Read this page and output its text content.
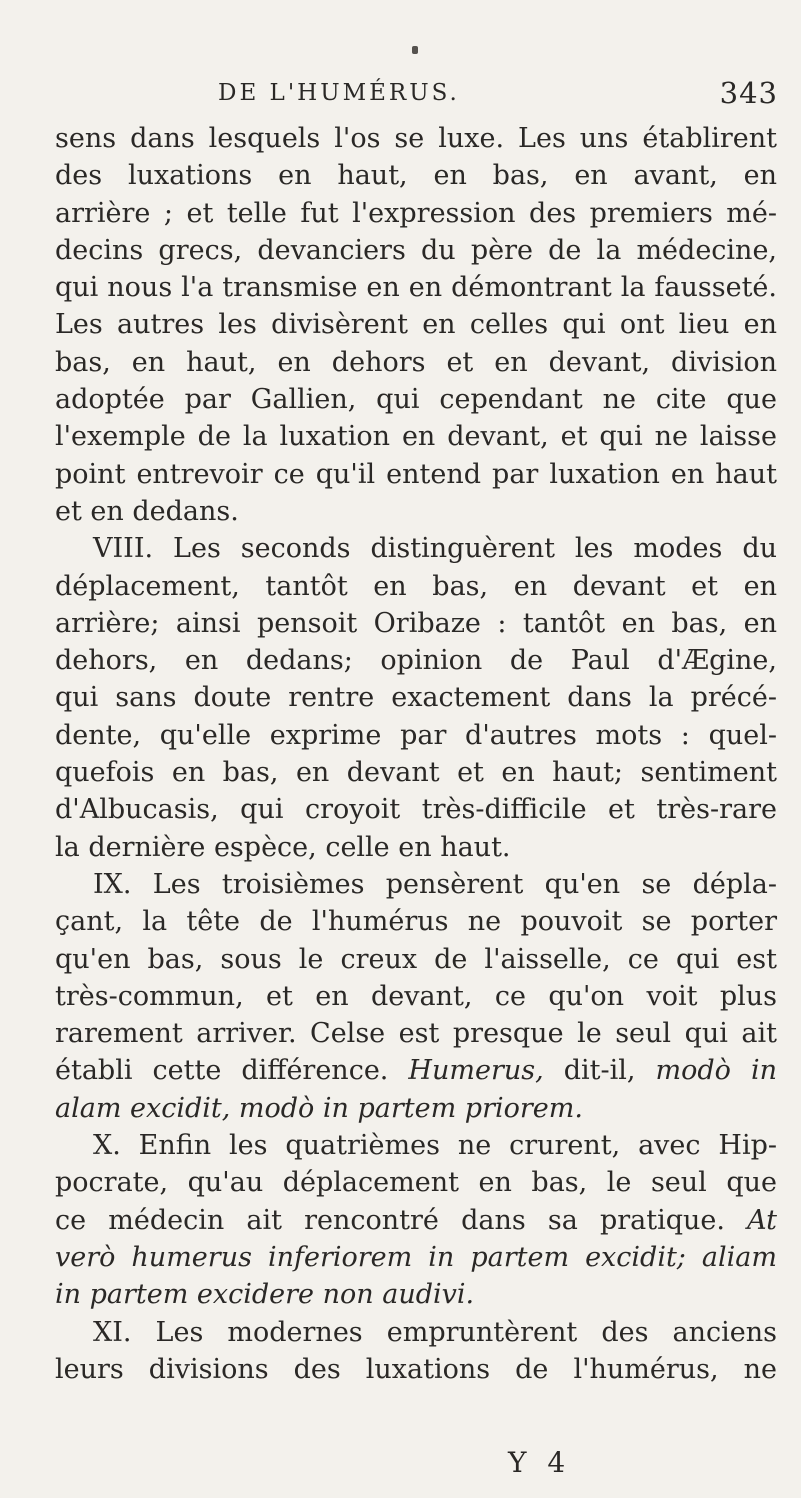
DE L'HUMÉRUS.	343
sens dans lesquels l'os se luxe. Les uns établirent
des luxations en haut, en bas, en avant, en
arrière ; et telle fut l'expression des premiers mé-
decins grecs, devanciers du père de la médecine,
qui nous l'a transmise en en démontrant la fausseté.
Les autres les divisèrent en celles qui ont lieu en
bas, en haut, en dehors et en devant, division
adoptée par Gallien, qui cependant ne cite que
l'exemple de la luxation en devant, et qui ne laisse
point entrevoir ce qu'il entend par luxation en haut
et en dedans.
VIII. Les seconds distinguèrent les modes du
déplacement, tantôt en bas, en devant et en
arrière; ainsi pensoit Oribaze : tantôt en bas, en
dehors, en dedans; opinion de Paul d'Ægine,
qui sans doute rentre exactement dans la précé-
dente, qu'elle exprime par d'autres mots : quel-
quefois en bas, en devant et en haut; sentiment
d'Albucasis, qui croyoit très-difficile et très-rare
la dernière espèce, celle en haut.
IX. Les troisièmes pensèrent qu'en se dépla-
çant, la tête de l'humérus ne pouvoit se porter
qu'en bas, sous le creux de l'aisselle, ce qui est
très-commun, et en devant, ce qu'on voit plus
rarement arriver. Celse est presque le seul qui ait
établi cette différence. Humerus, dit-il, modò in
alam excidit, modò in partem priorem.
X. Enfin les quatrièmes ne crurent, avec Hip-
pocrate, qu'au déplacement en bas, le seul que
ce médecin ait rencontré dans sa pratique. At
verò humerus inferiorem in partem excidit; aliam
in partem excidere non audivi.
XI. Les modernes empruntèrent des anciens
leurs divisions des luxations de l'humérus, ne
Y 4
